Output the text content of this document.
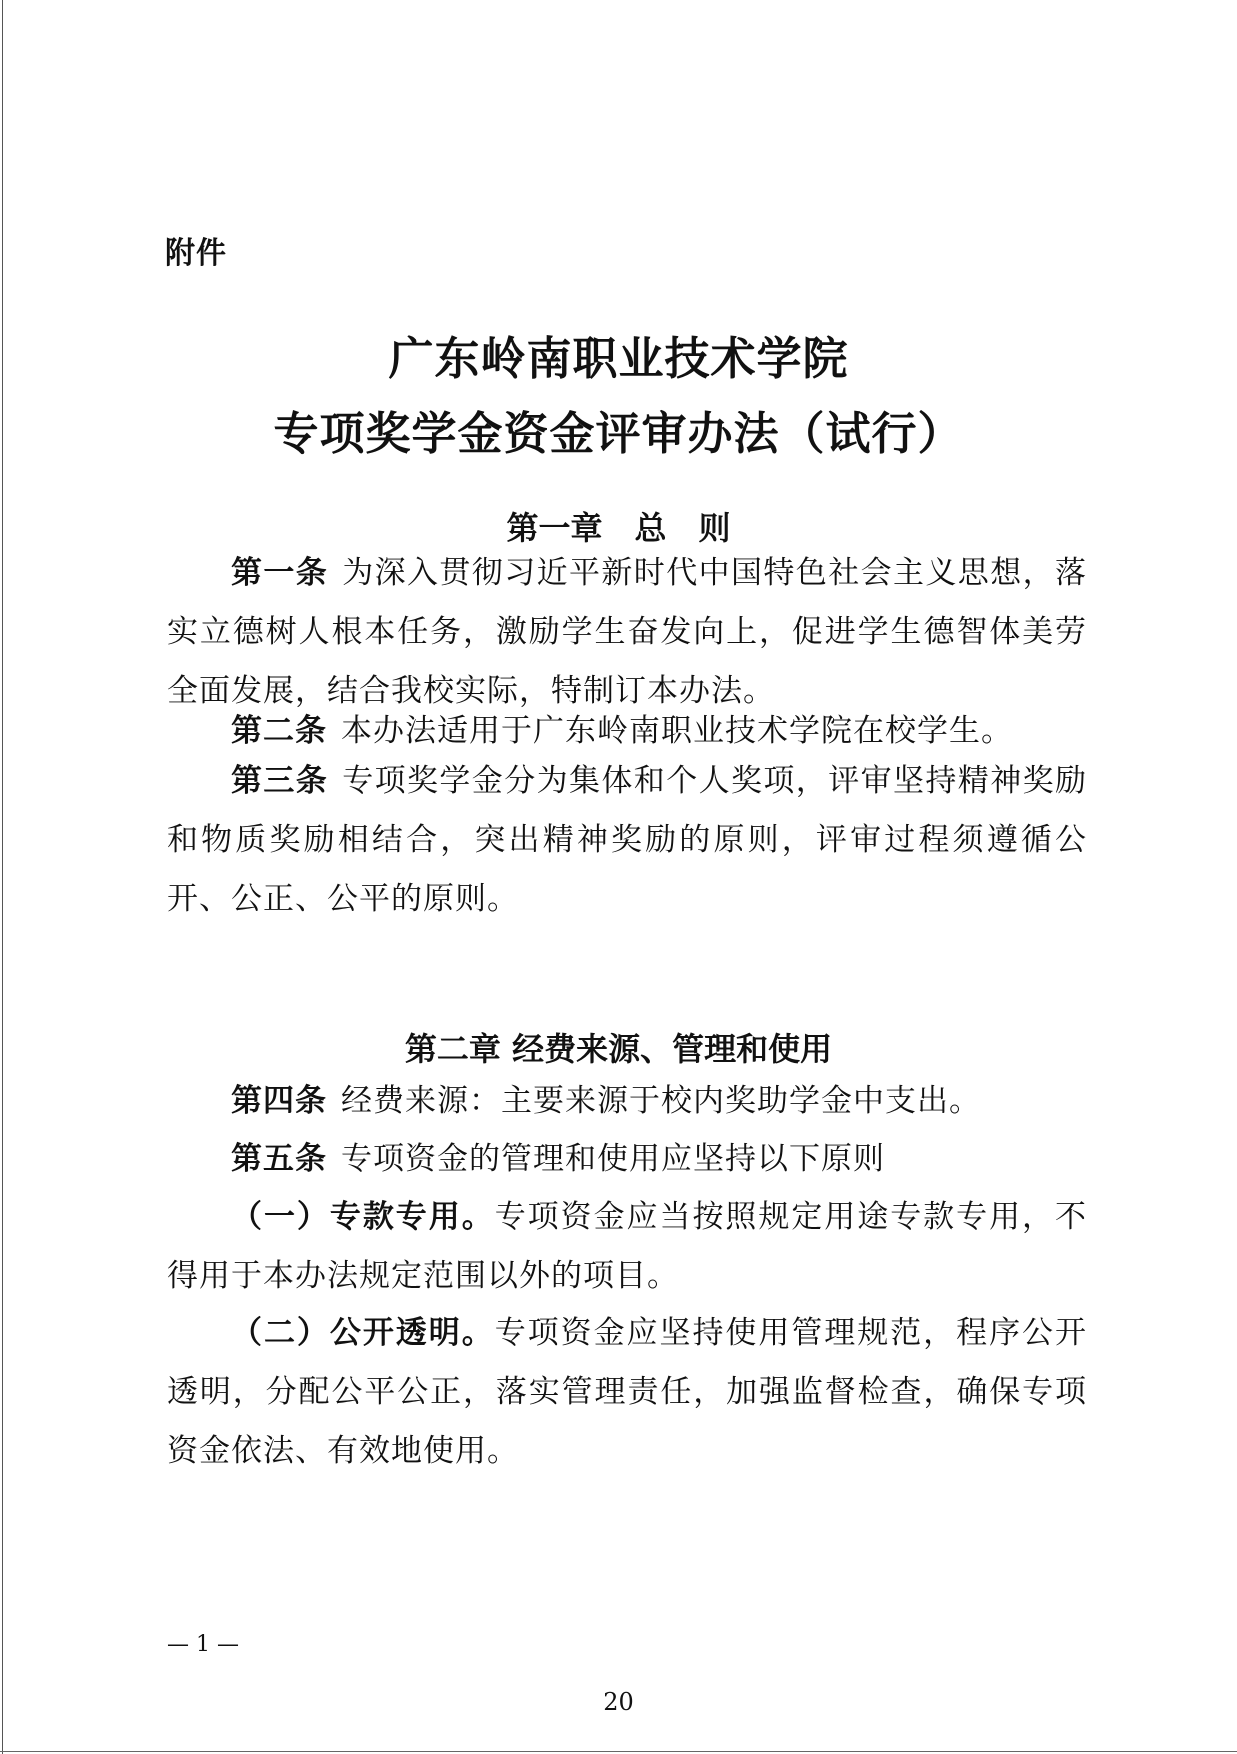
附件
广东岭南职业技术学院
专项奖学金资金评审办法（试行）
第一章　总　则
第一条 为深入贯彻习近平新时代中国特色社会主义思想，落实立德树人根本任务，激励学生奋发向上，促进学生德智体美劳全面发展，结合我校实际，特制订本办法。
第二条 本办法适用于广东岭南职业技术学院在校学生。
第三条 专项奖学金分为集体和个人奖项，评审坚持精神奖励和物质奖励相结合，突出精神奖励的原则，评审过程须遵循公开、公正、公平的原则。
第二章 经费来源、管理和使用
第四条 经费来源：主要来源于校内奖助学金中支出。
第五条 专项资金的管理和使用应坚持以下原则
（一）专款专用。专项资金应当按照规定用途专款专用，不得用于本办法规定范围以外的项目。
（二）公开透明。专项资金应坚持使用管理规范，程序公开透明，分配公平公正，落实管理责任，加强监督检查，确保专项资金依法、有效地使用。
— 1 —
20
